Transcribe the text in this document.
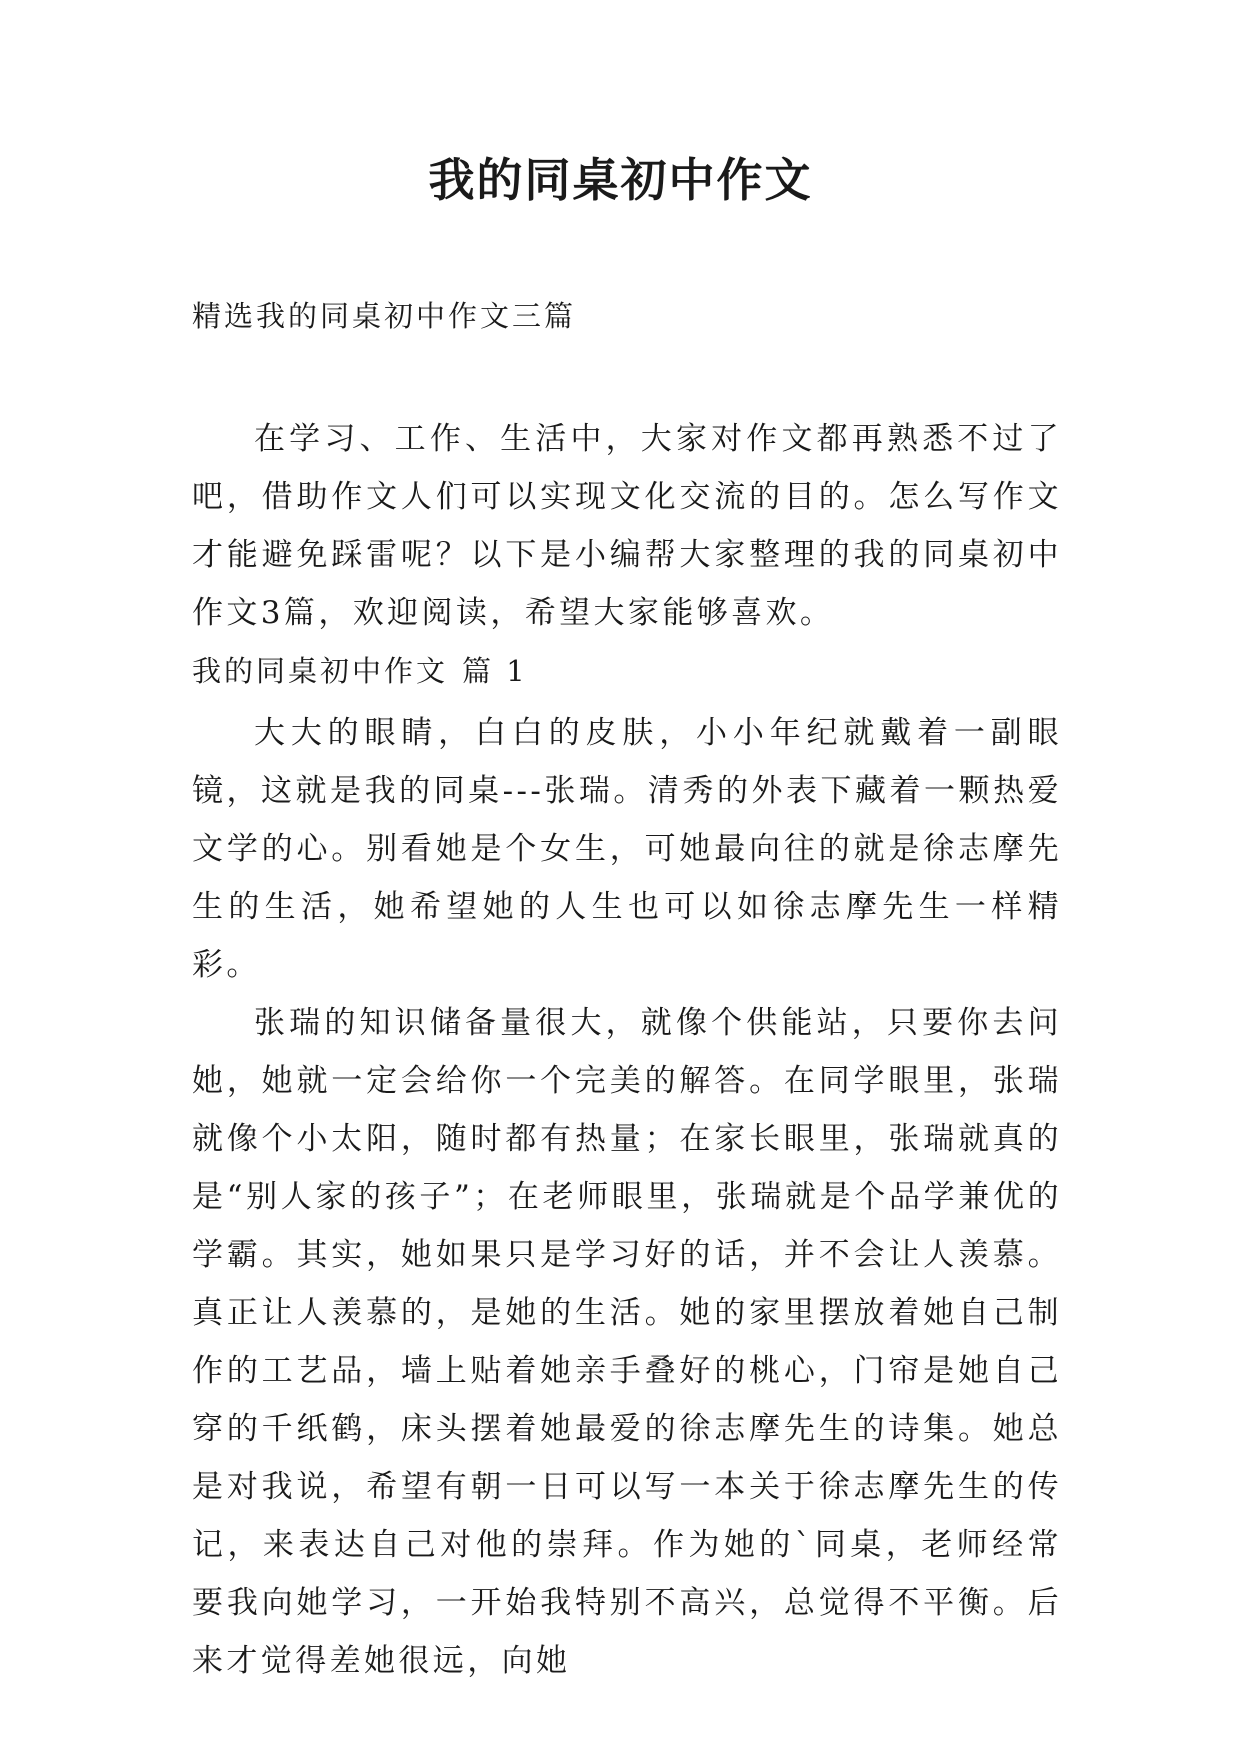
我的同桌初中作文

精选我的同桌初中作文三篇

在学习、工作、生活中，大家对作文都再熟悉不过了吧，借助作文人们可以实现文化交流的目的。怎么写作文才能避免踩雷呢？以下是小编帮大家整理的我的同桌初中作文3篇，欢迎阅读，希望大家能够喜欢。

我的同桌初中作文 篇 1

大大的眼睛，白白的皮肤，小小年纪就戴着一副眼镜，这就是我的同桌---张瑞。清秀的外表下藏着一颗热爱文学的心。别看她是个女生，可她最向往的就是徐志摩先生的生活，她希望她的人生也可以如徐志摩先生一样精彩。

张瑞的知识储备量很大，就像个供能站，只要你去问她，她就一定会给你一个完美的解答。在同学眼里，张瑞就像个小太阳，随时都有热量；在家长眼里，张瑞就真的是“别人家的孩子”；在老师眼里，张瑞就是个品学兼优的学霸。其实，她如果只是学习好的话，并不会让人羡慕。真正让人羡慕的，是她的生活。她的家里摆放着她自己制作的工艺品，墙上贴着她亲手叠好的桃心，门帘是她自己穿的千纸鹤，床头摆着她最爱的徐志摩先生的诗集。她总是对我说，希望有朝一日可以写一本关于徐志摩先生的传记，来表达自己对他的崇拜。作为她的`同桌，老师经常要我向她学习，一开始我特别不高兴，总觉得不平衡。后来才觉得差她很远，向她
